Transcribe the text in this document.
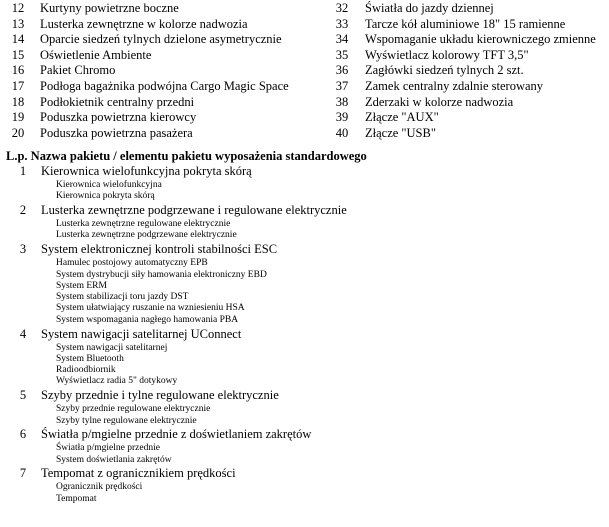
12	Kurtyny powietrzne boczne	32	Światła do jazdy dziennej
13	Lusterka zewnętrzne w kolorze nadwozia	33	Tarcze kół aluminiowe 18" 15 ramienne
14	Oparcie siedzeń tylnych dzielone asymetrycznie	34	Wspomaganie układu kierowniczego zmienne
15	Oświetlenie Ambiente	35	Wyświetlacz kolorowy TFT 3,5"
16	Pakiet Chromo	36	Zagłówki siedzeń tylnych 2 szt.
17	Podłoga bagażnika podwójna Cargo Magic Space	37	Zamek centralny zdalnie sterowany
18	Podłokietnik centralny przedni	38	Zderzaki w kolorze nadwozia
19	Poduszka powietrzna kierowcy	39	Złącze "AUX"
20	Poduszka powietrzna pasażera	40	Złącze "USB"
L.p. Nazwa pakietu / elementu pakietu wyposażenia standardowego
1	Kierownica wielofunkcyjna pokryta skórą
Kierownica wielofunkcyjna
Kierownica pokryta skórą
2	Lusterka zewnętrzne podgrzewane i regulowane elektrycznie
Lusterka zewnętrzne regulowane elektrycznie
Lusterka zewnętrzne podgrzewane elektrycznie
3	System elektronicznej kontroli stabilności ESC
Hamulec postojowy automatyczny EPB
System dystrybucji siły hamowania elektroniczny EBD
System ERM
System stabilizacji toru jazdy DST
System ułatwiający ruszanie na wzniesieniu HSA
System wspomagania nagłego hamowania PBA
4	System nawigacji satelitarnej UConnect
System nawigacji satelitarnej
System Bluetooth
Radioodbiornik
Wyświetlacz radia 5" dotykowy
5	Szyby przednie i tylne regulowane elektrycznie
Szyby przednie regulowane elektrycznie
Szyby tylne regulowane elektrycznie
6	Światła p/mgielne przednie z doświetlaniem zakrętów
Światła p/mgielne przednie
System doświetlania zakrętów
7	Tempomat z ogranicznikiem prędkości
Ogranicznik prędkości
Tempomat
